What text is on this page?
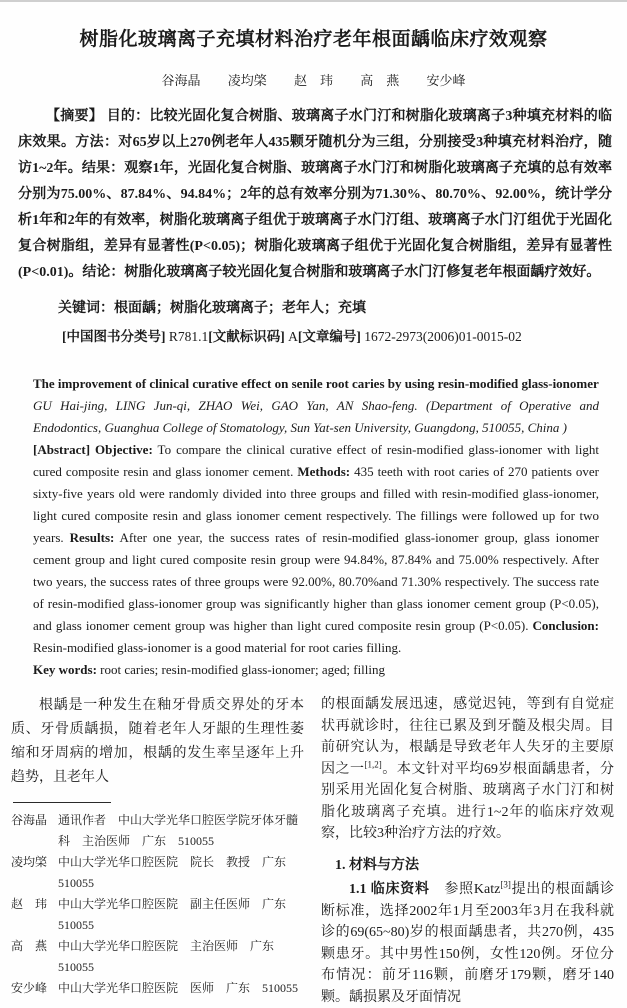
树脂化玻璃离子充填材料治疗老年根面龋临床疗效观察
谷海晶 凌均棨 赵　玮 高　燕 安少峰
【摘要】 目的：比较光固化复合树脂、玻璃离子水门汀和树脂化玻璃离子3种填充材料的临床效果。方法：对65岁以上270例老年人435颗牙随机分为三组，分别接受3种填充材料治疗，随访1~2年。结果：观察1年，光固化复合树脂、玻璃离子水门汀和树脂化玻璃离子充填的总有效率分别为75.00%、87.84%、94.84%；2年的总有效率分别为71.30%、80.70%、92.00%，统计学分析1年和2年的有效率，树脂化玻璃离子组优于玻璃离子水门汀组、玻璃离子水门汀组优于光固化复合树脂组，差异有显著性(P<0.05)；树脂化玻璃离子组优于光固化复合树脂组，差异有显著性(P<0.01)。结论：树脂化玻璃离子较光固化复合树脂和玻璃离子水门汀修复老年根面龋疗效好。
关键词：根面龋；树脂化玻璃离子；老年人；充填
[中国图书分类号] R781.1 [文献标识码] A [文章编号] 1672-2973(2006)01-0015-02
The improvement of clinical curative effect on senile root caries by using resin-modified glass-ionomer
GU Hai-jing, LING Jun-qi, ZHAO Wei, GAO Yan, AN Shao-feng. (Department of Operative and Endodontics, Guanghua College of Stomatology, Sun Yat-sen University, Guangdong, 510055, China )
[Abstract] Objective: To compare the clinical curative effect of resin-modified glass-ionomer with light cured composite resin and glass ionomer cement. Methods: 435 teeth with root caries of 270 patients over sixty-five years old were randomly divided into three groups and filled with resin-modified glass-ionomer, light cured composite resin and glass ionomer cement respectively. The fillings were followed up for two years. Results: After one year, the success rates of resin-modified glass-ionomer group, glass ionomer cement group and light cured composite resin group were 94.84%, 87.84% and 75.00% respectively. After two years, the success rates of three groups were 92.00%, 80.70%and 71.30% respectively. The success rate of resin-modified glass-ionomer group was significantly higher than glass ionomer cement group (P<0.05), and glass ionomer cement group was higher than light cured composite resin group (P<0.05). Conclusion: Resin-modified glass-ionomer is a good material for root caries filling.
Key words: root caries; resin-modified glass-ionomer; aged; filling
根龋是一种发生在釉牙骨质交界处的牙本质、牙骨质龋损，随着老年人牙龈的生理性萎缩和牙周病的增加，根龋的发生率呈逐年上升趋势，且老年人
谷海晶 通讯作者　中山大学光华口腔医学院牙体牙髓科　主治医师　广东　510055
凌均棨 中山大学光华口腔医院　院长　教授　广东 510055
赵　玮 中山大学光华口腔医院　副主任医师　广东 510055
高　燕 中山大学光华口腔医院　主治医师　广东　510055
安少峰 中山大学光华口腔医院　医师　广东　510055
的根面龋发展迅速，感觉迟钝，等到有自觉症状再就诊时，往往已累及到牙髓及根尖周。目前研究认为，根龋是导致老年人失牙的主要原因之一[1,2]。本文针对平均69岁根面龋患者，分别采用光固化复合树脂、玻璃离子水门汀和树脂化玻璃离子充填。进行1~2年的临床疗效观察，比较3种治疗方法的疗效。
1. 材料与方法
1.1 临床资料　参照Katz[3]提出的根面龋诊断标准，选择2002年1月至2003年3月在我科就诊的69(65~80)岁的根面龋患者，共270例，435颗患牙。其中男性150例，女性120例。牙位分布情况：前牙116颗，前磨牙179颗，磨牙140颗。龋损累及牙面情况
